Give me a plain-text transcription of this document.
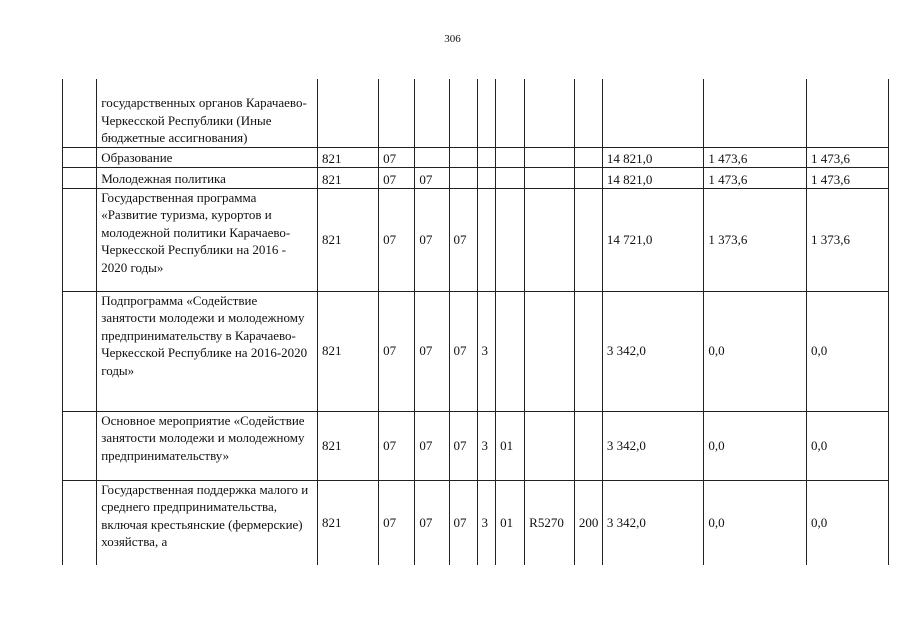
306
	государственных органов Карачаево-Черкесской Республики (Иные бюджетные ассигнования)											
	Образование	821	07							14 821,0	1 473,6	1 473,6
	Молодежная политика	821	07	07						14 821,0	1 473,6	1 473,6
	Государственная программа «Развитие туризма, курортов и молодежной политики Карачаево-Черкесской Республики на 2016 - 2020 годы»	821	07	07	07					14 721,0	1 373,6	1 373,6
	Подпрограмма «Содействие занятости молодежи и молодежному предпринимательству в Карачаево-Черкесской Республике на 2016-2020 годы»	821	07	07	07	3				3 342,0	0,0	0,0
	Основное мероприятие «Содействие занятости молодежи и молодежному предпринимательству»	821	07	07	07	3	01			3 342,0	0,0	0,0
	Государственная поддержка малого и среднего предпринимательства, включая крестьянские (фермерские) хозяйства, а	821	07	07	07	3	01	R5270	200	3 342,0	0,0	0,0
